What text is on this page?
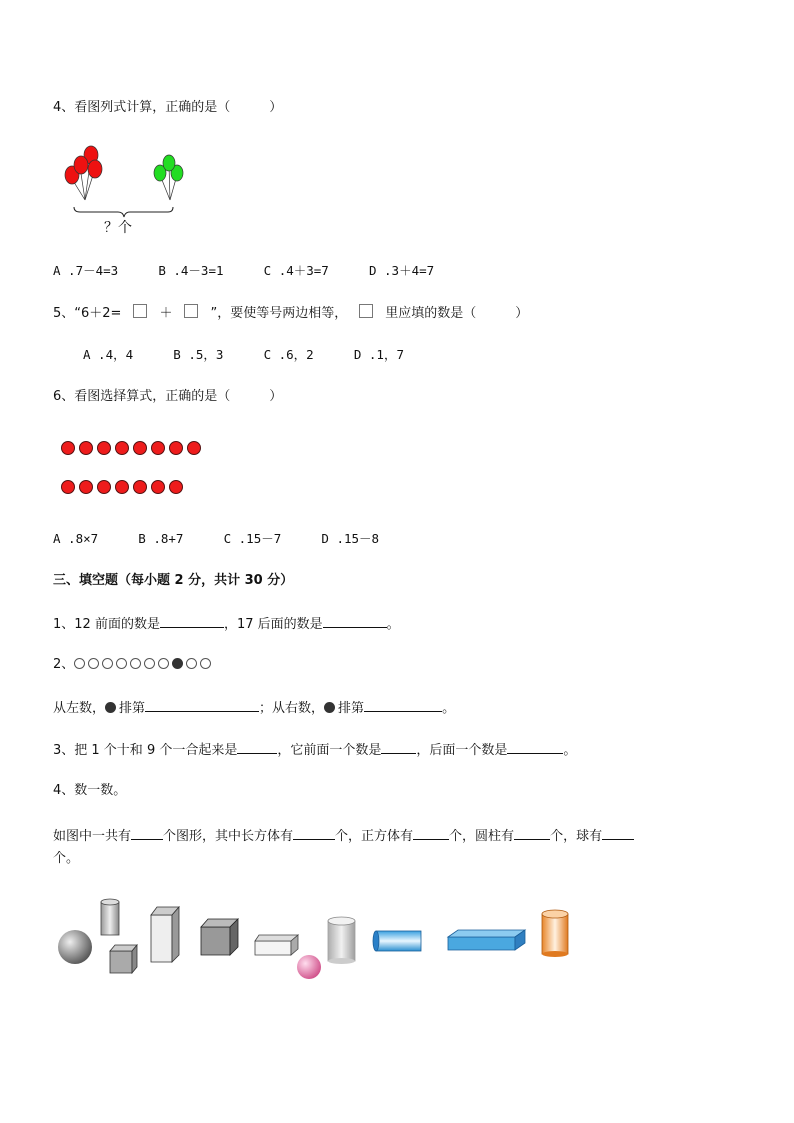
4、看图列式计算，正确的是（　　　）
？个
A .7－4=3	B .4－3=1	C .4＋3=7	D .3＋4=7
5、“6＋2=	＋	”，要使等号两边相等，	里应填的数是（　　　）
A .4，4	B .5，3	C .6，2	D .1，7
6、看图选择算式，正确的是（　　　）
A .8×7	B .8+7	C .15－7	D .15－8
三、填空题（每小题 2 分，共计 30 分）
1、12 前面的数是	，17 后面的数是	。
2、
从左数， 排第	；从右数， 排第	。
3、把 1 个十和 9 个一合起来是	，它前面一个数是	，后面一个数是	。
4、数一数。
如图中一共有 个图形，其中长方体有	个，正方体有	个，圆柱有	个，球有
个。
